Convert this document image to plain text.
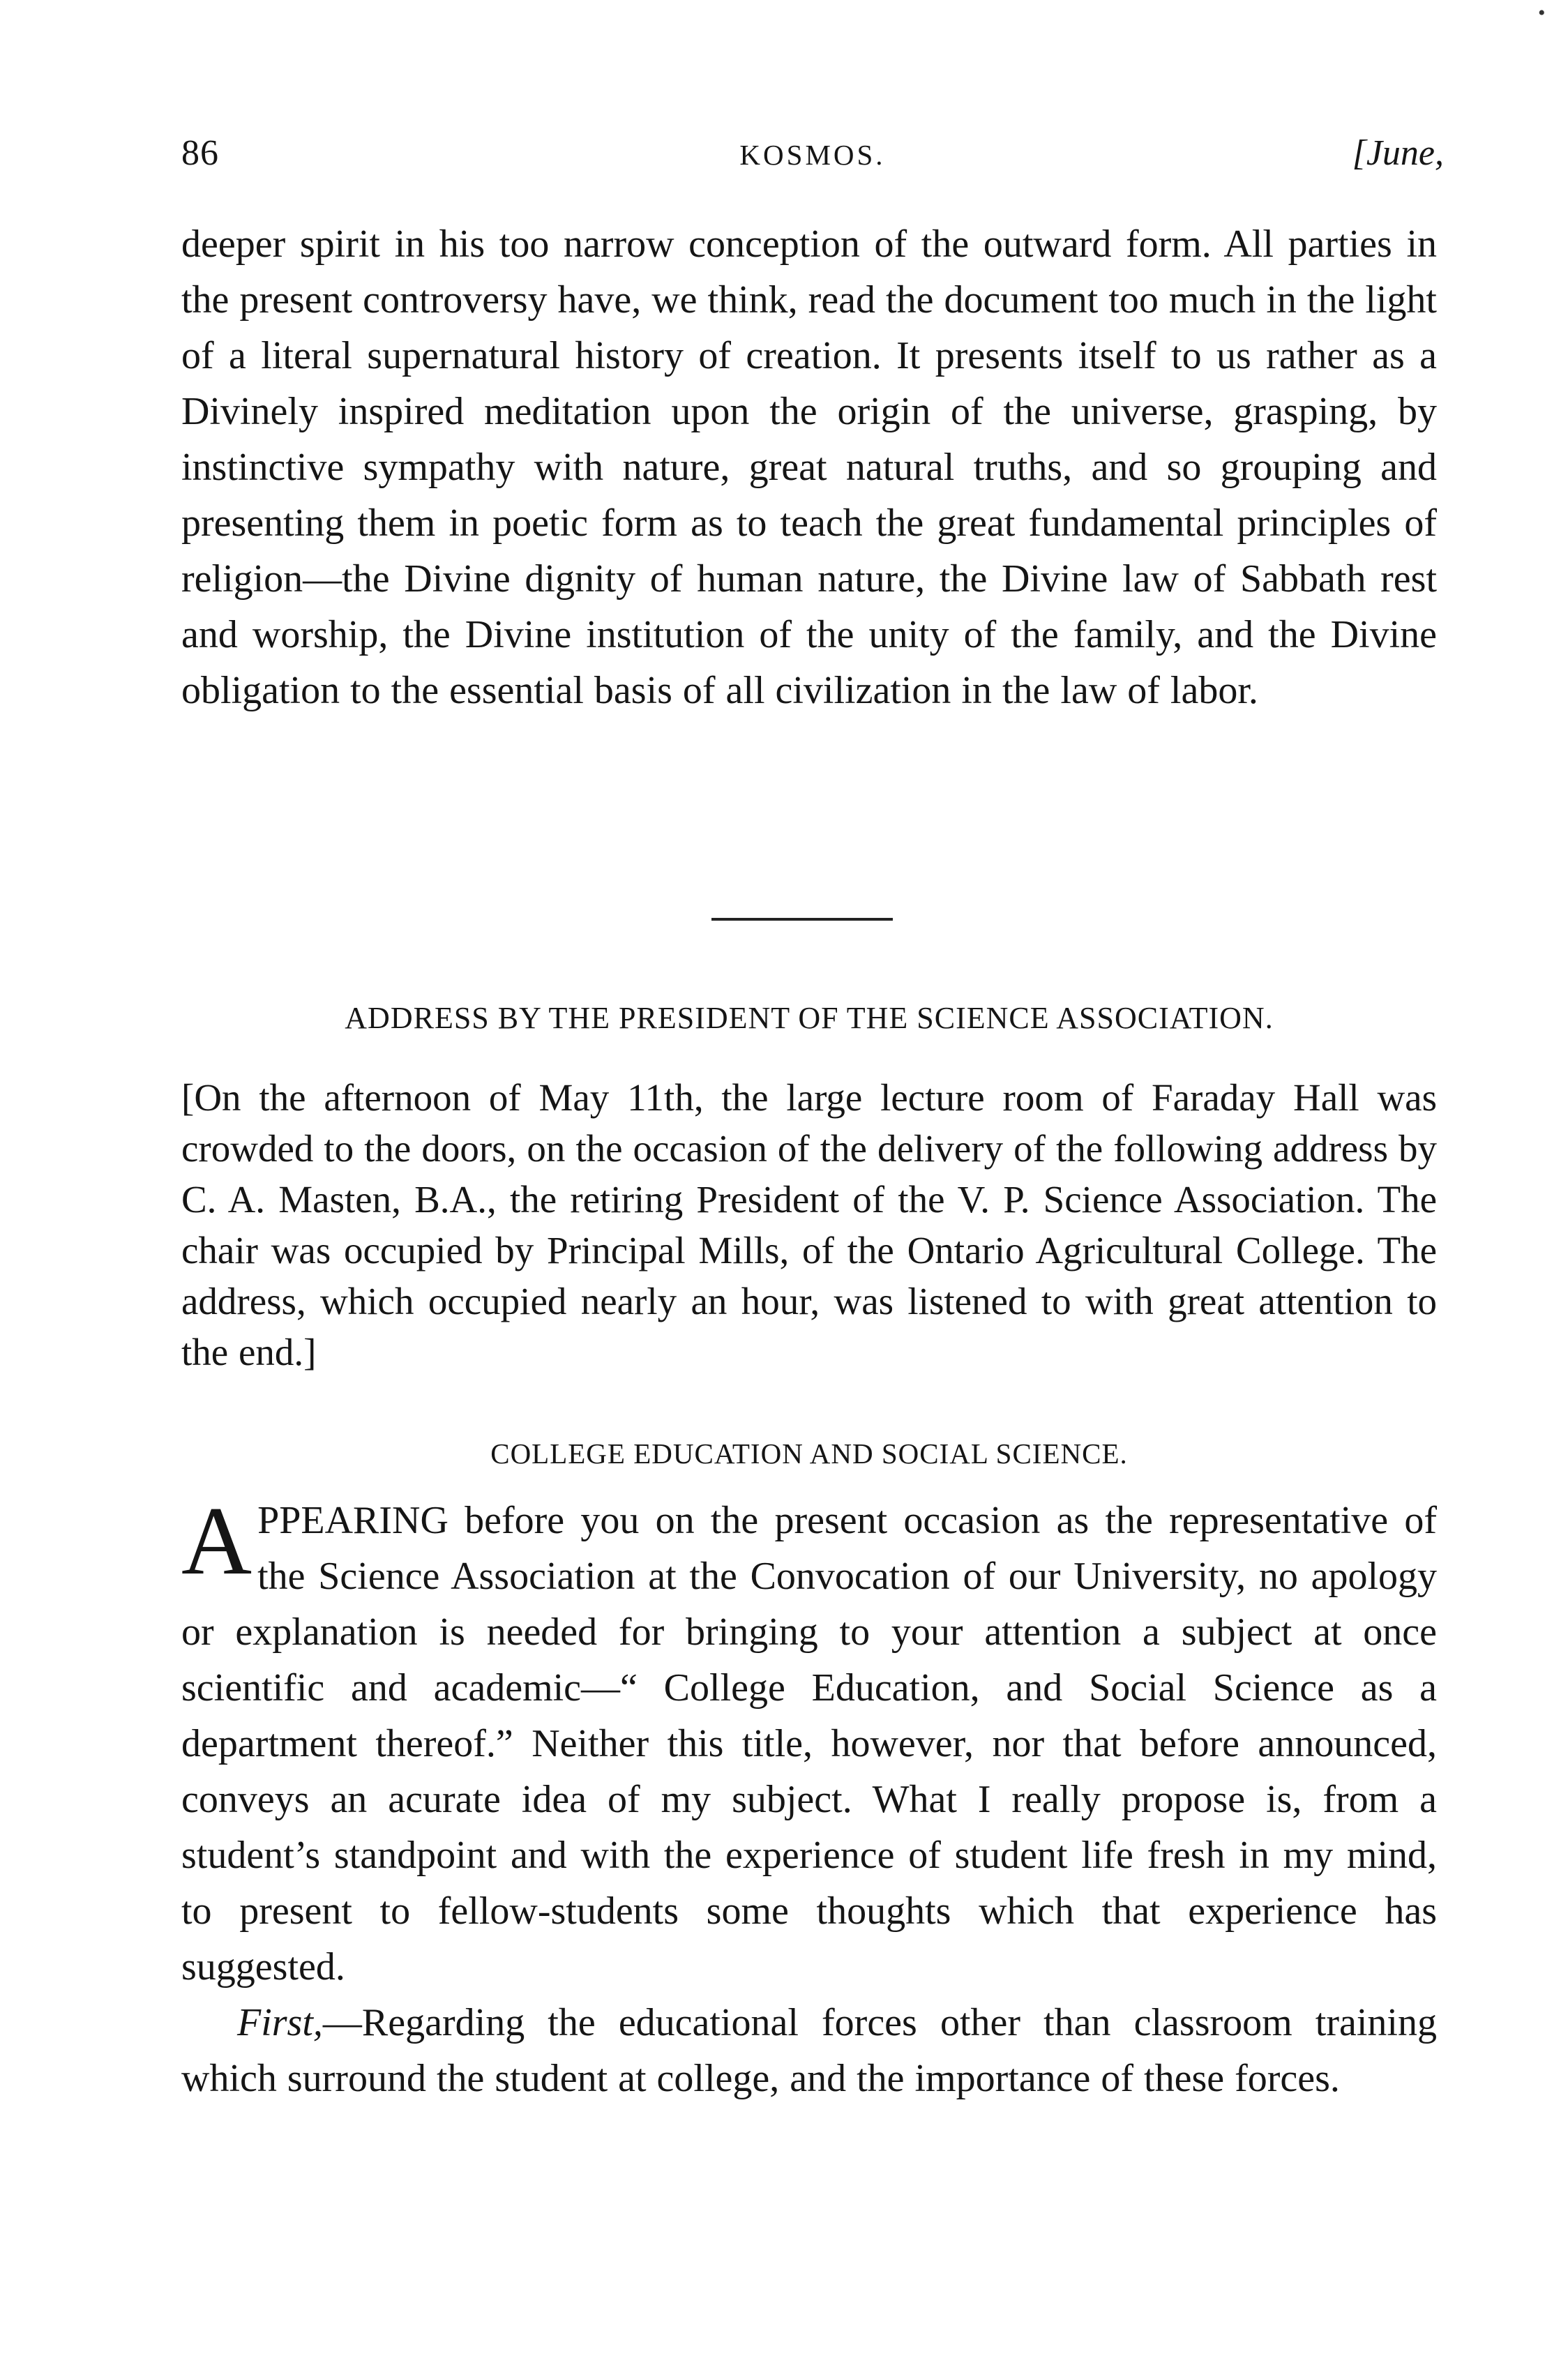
•
86	KOSMOS.	[June,

deeper spirit in his too narrow conception of the outward form. All parties in the present controversy have, we think, read the document too much in the light of a literal supernatural history of creation. It presents itself to us rather as a Divinely inspired meditation upon the origin of the universe, grasping, by instinctive sympathy with nature, great natural truths, and so grouping and presenting them in poetic form as to teach the great fundamental principles of religion—the Divine dignity of human nature, the Divine law of Sabbath rest and worship, the Divine institution of the unity of the family, and the Divine obligation to the essential basis of all civilization in the law of labor.

ADDRESS BY THE PRESIDENT OF THE SCIENCE ASSOCIATION.

[On the afternoon of May 11th, the large lecture room of Faraday Hall was crowded to the doors, on the occasion of the delivery of the following address by C. A. Masten, B.A., the retiring President of the V. P. Science Association. The chair was occupied by Principal Mills, of the Ontario Agricultural College. The address, which occupied nearly an hour, was listened to with great attention to the end.]

COLLEGE EDUCATION AND SOCIAL SCIENCE.

APPEARING before you on the present occasion as the representative of the Science Association at the Convocation of our University, no apology or explanation is needed for bringing to your attention a subject at once scientific and academic—“ College Education, and Social Science as a department thereof.” Neither this title, however, nor that before announced, conveys an acurate idea of my subject. What I really propose is, from a student’s standpoint and with the experience of student life fresh in my mind, to present to fellow-students some thoughts which that experience has suggested.

First,—Regarding the educational forces other than classroom training which surround the student at college, and the importance of these forces.
